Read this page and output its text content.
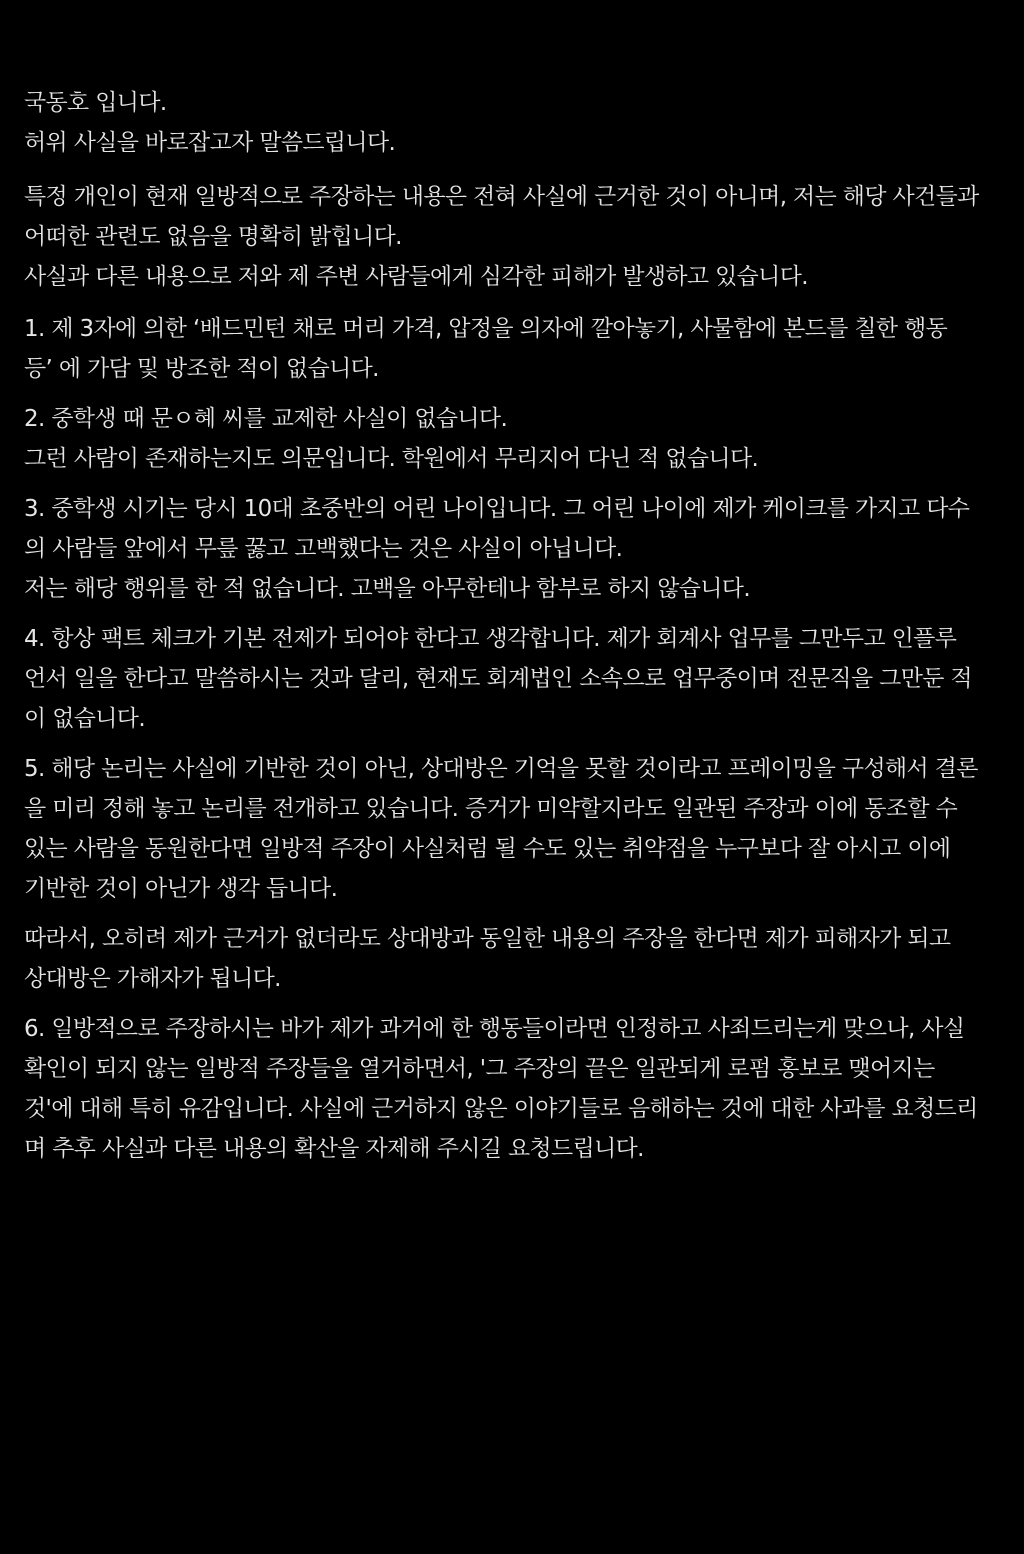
국동호 입니다.

허위 사실을 바로잡고자 말씀드립니다.

특정 개인이 현재 일방적으로 주장하는 내용은 전혀 사실에 근거한 것이 아니며, 저는 해당 사건들과

어떠한 관련도 없음을 명확히 밝힙니다.

사실과 다른 내용으로 저와 제 주변 사람들에게 심각한 피해가 발생하고 있습니다.

1. 제 3자에 의한 ‘배드민턴 채로 머리 가격, 압정을 의자에 깔아놓기, 사물함에 본드를 칠한 행동

등’ 에 가담 및 방조한 적이 없습니다.

2. 중학생 때 문ㅇ혜 씨를 교제한 사실이 없습니다.

그런 사람이 존재하는지도 의문입니다. 학원에서 무리지어 다닌 적 없습니다.

3. 중학생 시기는 당시 10대 초중반의 어린 나이입니다. 그 어린 나이에 제가 케이크를 가지고 다수

의 사람들 앞에서 무릎 꿇고 고백했다는 것은 사실이 아닙니다.

저는 해당 행위를 한 적 없습니다. 고백을 아무한테나 함부로 하지 않습니다.

4. 항상 팩트 체크가 기본 전제가 되어야 한다고 생각합니다. 제가 회계사 업무를 그만두고 인플루

언서 일을 한다고 말씀하시는 것과 달리, 현재도 회계법인 소속으로 업무중이며 전문직을 그만둔 적

이 없습니다.

5. 해당 논리는 사실에 기반한 것이 아닌, 상대방은 기억을 못할 것이라고 프레이밍을 구성해서 결론

을 미리 정해 놓고 논리를 전개하고 있습니다. 증거가 미약할지라도 일관된 주장과 이에 동조할 수

있는 사람을 동원한다면 일방적 주장이 사실처럼 될 수도 있는 취약점을 누구보다 잘 아시고 이에

기반한 것이 아닌가 생각 듭니다.

따라서, 오히려 제가 근거가 없더라도 상대방과 동일한 내용의 주장을 한다면 제가 피해자가 되고

상대방은 가해자가 됩니다.

6. 일방적으로 주장하시는 바가 제가 과거에 한 행동들이라면 인정하고 사죄드리는게 맞으나, 사실

확인이 되지 않는 일방적 주장들을 열거하면서, '그 주장의 끝은 일관되게 로펌 홍보로 맺어지는

것'에 대해 특히 유감입니다. 사실에 근거하지 않은 이야기들로 음해하는 것에 대한 사과를 요청드리

며 추후 사실과 다른 내용의 확산을 자제해 주시길 요청드립니다.
